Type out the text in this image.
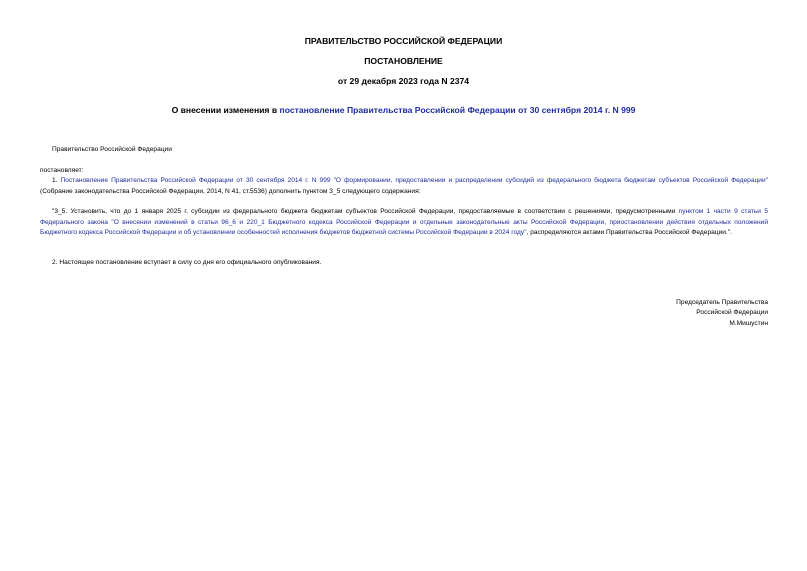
ПРАВИТЕЛЬСТВО РОССИЙСКОЙ ФЕДЕРАЦИИ
ПОСТАНОВЛЕНИЕ
от 29 декабря 2023 года N 2374
О внесении изменения в постановление Правительства Российской Федерации от 30 сентября 2014 г. N 999
Правительство Российской Федерации
постановляет:
1. Постановление Правительства Российской Федерации от 30 сентября 2014 г. N 999 "О формировании, предоставлении и распределении субсидий из федерального бюджета бюджетам субъектов Российской Федерации" (Собрание законодательства Российской Федерации, 2014, N 41, ст.5536) дополнить пунктом 3_5 следующего содержания:
"3_5. Установить, что до 1 января 2025 г. субсидии из федерального бюджета бюджетам субъектов Российской Федерации, предоставляемые в соответствии с решениями, предусмотренными пунктом 1 части 9 статьи 5 Федерального закона "О внесении изменений в статьи 96_6 и 220_1 Бюджетного кодекса Российской Федерации и отдельные законодательные акты Российской Федерации, приостановлении действия отдельных положений Бюджетного кодекса Российской Федерации и об установлении особенностей исполнения бюджетов бюджетной системы Российской Федерации в 2024 году", распределяются актами Правительства Российской Федерации.".
2. Настоящее постановление вступает в силу со дня его официального опубликования.
Председатель Правительства
Российской Федерации
М.Мишустин
